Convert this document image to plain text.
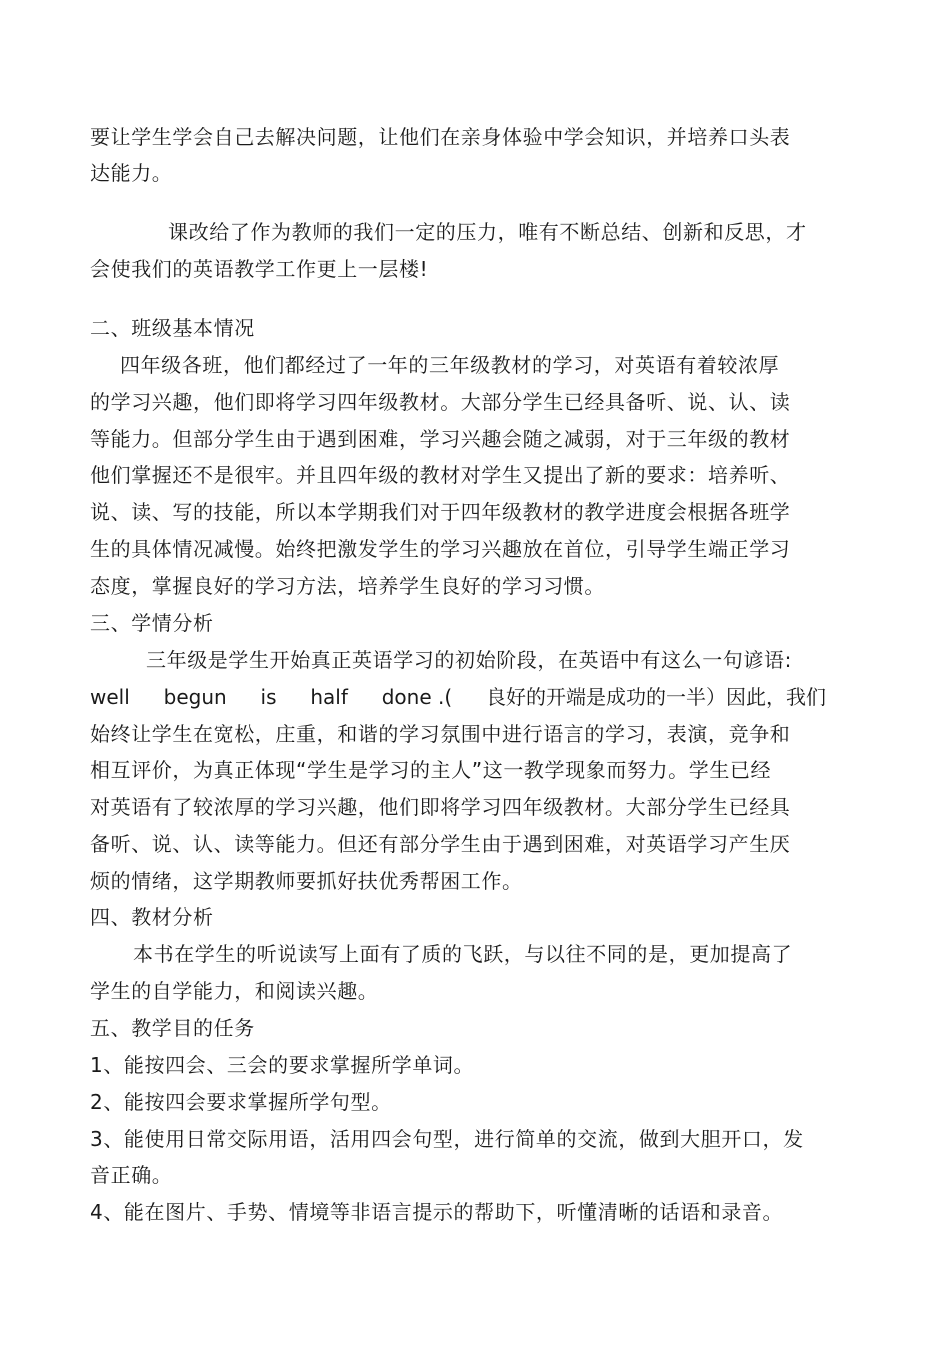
要让学生学会自己去解决问题，让他们在亲身体验中学会知识，并培养口头表
达能力。
课改给了作为教师的我们一定的压力，唯有不断总结、创新和反思，才
会使我们的英语教学工作更上一层楼!
二、班级基本情况
四年级各班，他们都经过了一年的三年级教材的学习，对英语有着较浓厚
的学习兴趣，他们即将学习四年级教材。大部分学生已经具备听、说、认、读
等能力。但部分学生由于遇到困难，学习兴趣会随之减弱，对于三年级的教材
他们掌握还不是很牢。并且四年级的教材对学生又提出了新的要求：培养听、
说、读、写的技能，所以本学期我们对于四年级教材的教学进度会根据各班学
生的具体情况减慢。始终把激发学生的学习兴趣放在首位，引导学生端正学习
态度，掌握良好的学习方法，培养学生良好的学习习惯。
三、学情分析
三年级是学生开始真正英语学习的初始阶段，在英语中有这么一句谚语:
well begun is half done .( 良好的开端是成功的一半）因此，我们
始终让学生在宽松，庄重，和谐的学习氛围中进行语言的学习，表演，竞争和
相互评价，为真正体现“学生是学习的主人”这一教学现象而努力。学生已经
对英语有了较浓厚的学习兴趣，他们即将学习四年级教材。大部分学生已经具
备听、说、认、读等能力。但还有部分学生由于遇到困难，对英语学习产生厌
烦的情绪，这学期教师要抓好扶优秀帮困工作。
四、教材分析
本书在学生的听说读写上面有了质的飞跃，与以往不同的是，更加提高了
学生的自学能力，和阅读兴趣。
五、教学目的任务
1、能按四会、三会的要求掌握所学单词。
2、能按四会要求掌握所学句型。
3、能使用日常交际用语，活用四会句型，进行简单的交流，做到大胆开口，发
音正确。
4、能在图片、手势、情境等非语言提示的帮助下，听懂清晰的话语和录音。
